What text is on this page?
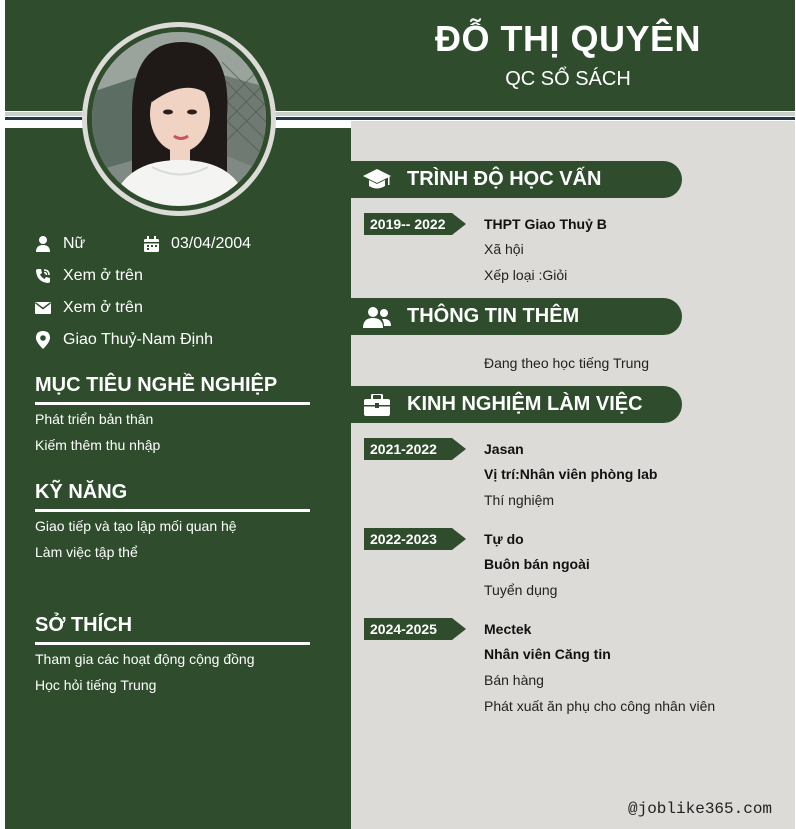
ĐỖ THỊ QUYÊN
QC SỔ SÁCH
Nữ	03/04/2004
Xem ở trên
Xem ở trên
Giao Thuỷ-Nam Định
MỤC TIÊU NGHỀ NGHIỆP
Phát triển bản thân
Kiếm thêm thu nhập
KỸ NĂNG
Giao tiếp và tạo lập mối quan hệ
Làm việc tập thể
SỞ THÍCH
Tham gia các hoạt động cộng đồng
Học hỏi tiếng Trung
TRÌNH ĐỘ HỌC VẤN
2019-- 2022	THPT Giao Thuỷ B
Xã hội
Xếp loại :Giỏi
THÔNG TIN THÊM
Đang theo học tiếng Trung
KINH NGHIỆM LÀM VIỆC
2021-2022	Jasan
Vị trí:Nhân viên phòng lab
Thí nghiệm
2022-2023	Tự do
Buôn bán ngoài
Tuyển dụng
2024-2025	Mectek
Nhân viên Căng tin
Bán hàng
Phát xuất ăn phụ cho công nhân viên
@joblike365.com
